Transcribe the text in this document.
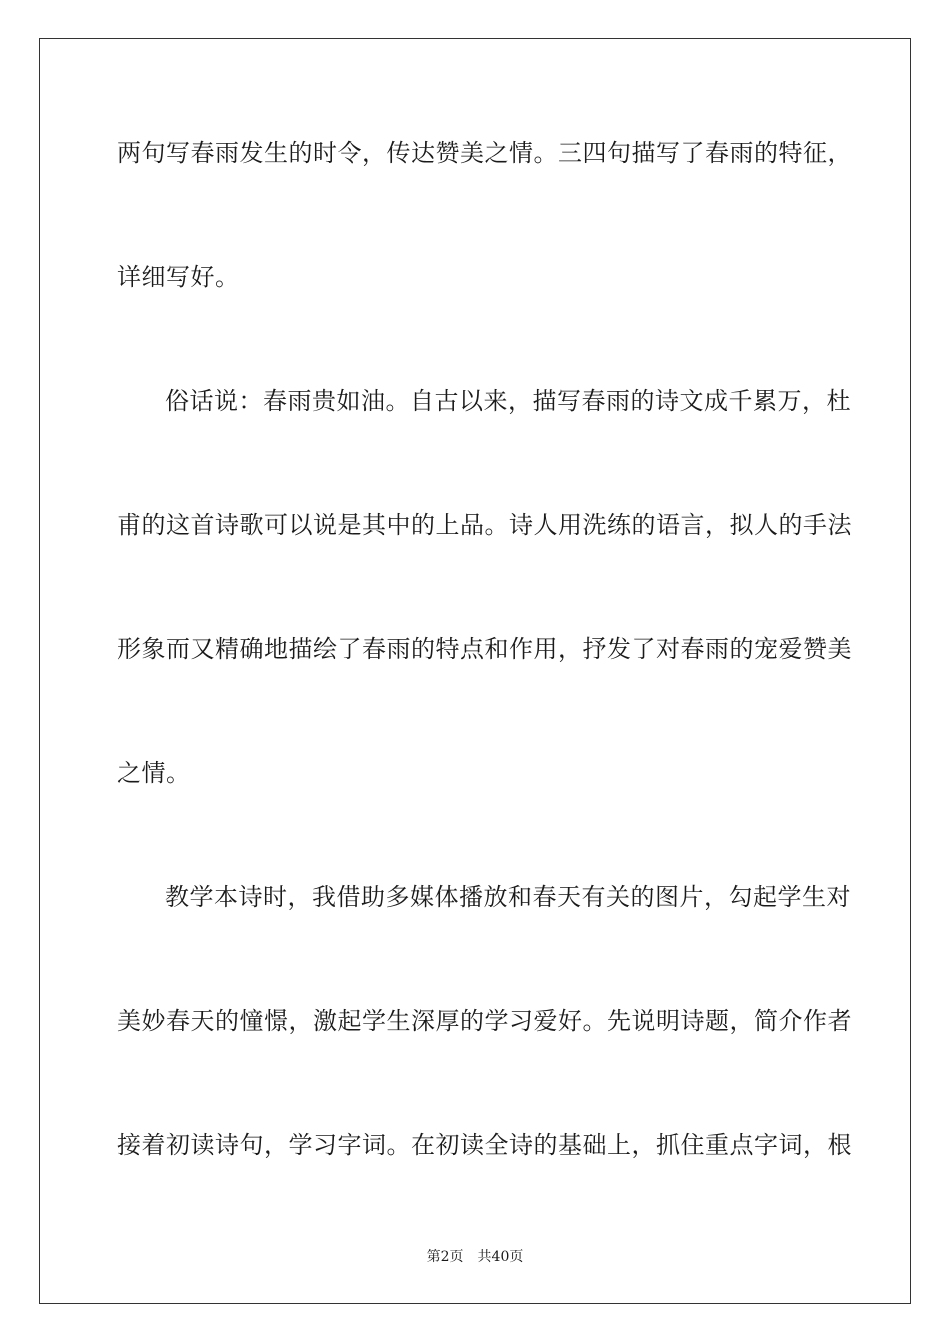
两句写春雨发生的时令，传达赞美之情。三四句描写了春雨的特征，
详细写好。
俗话说：春雨贵如油。自古以来，描写春雨的诗文成千累万，杜
甫的这首诗歌可以说是其中的上品。诗人用洗练的语言，拟人的手法
形象而又精确地描绘了春雨的特点和作用，抒发了对春雨的宠爱赞美
之情。
教学本诗时，我借助多媒体播放和春天有关的图片，勾起学生对
美妙春天的憧憬，激起学生深厚的学习爱好。先说明诗题，简介作者
接着初读诗句，学习字词。在初读全诗的基础上，抓住重点字词，根
第2页 共40页
